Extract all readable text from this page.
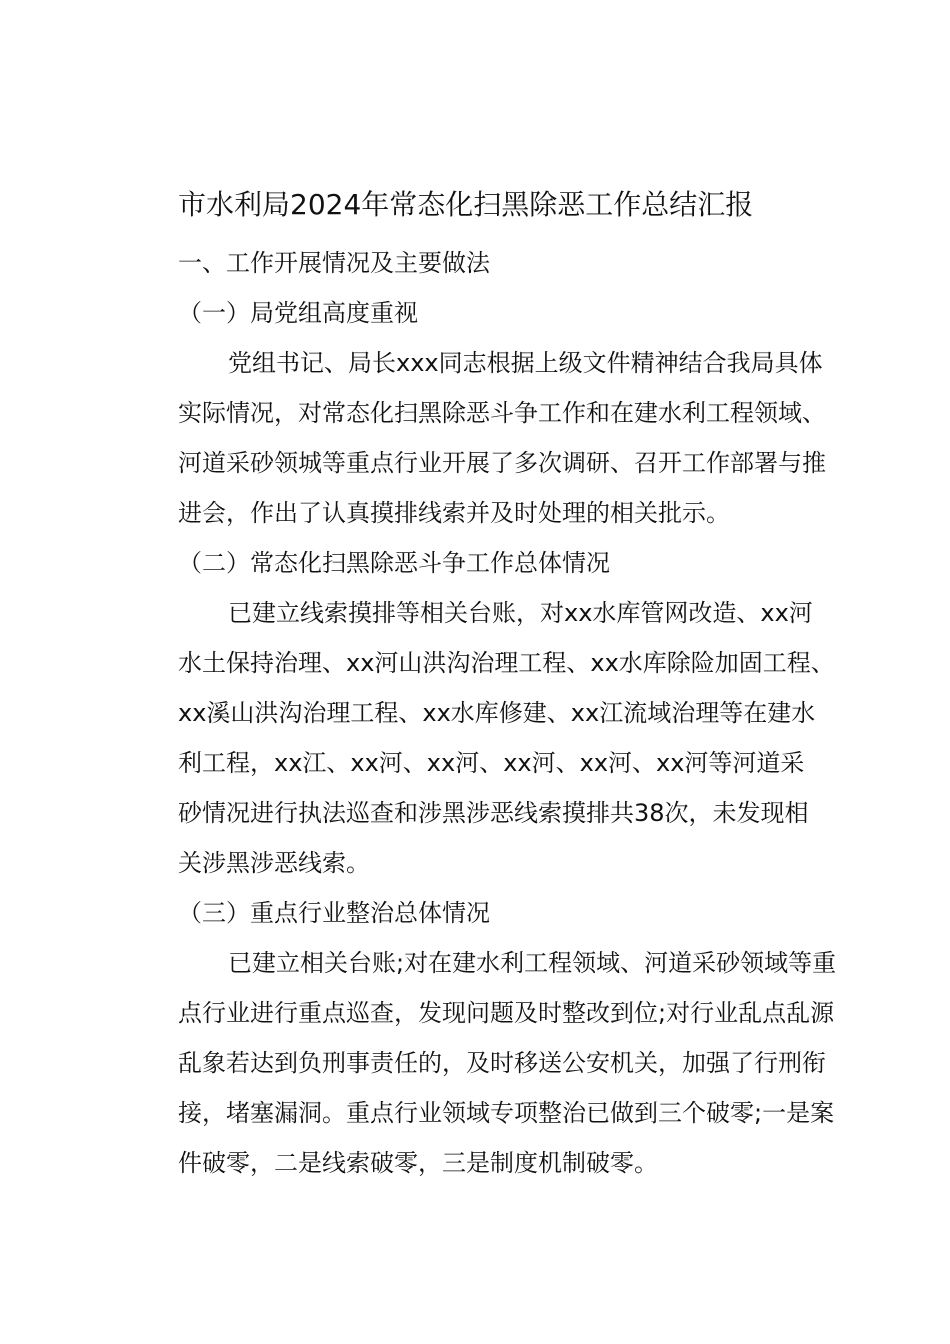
市水利局2024年常态化扫黑除恶工作总结汇报
一、工作开展情况及主要做法
（一）局党组高度重视
党组书记、局长xxx同志根据上级文件精神结合我局具体
实际情况，对常态化扫黑除恶斗争工作和在建水利工程领域、
河道采砂领城等重点行业开展了多次调研、召开工作部署与推
进会，作出了认真摸排线索并及时处理的相关批示。
（二）常态化扫黑除恶斗争工作总体情况
已建立线索摸排等相关台账，对xx水库管网改造、xx河
水土保持治理、xx河山洪沟治理工程、xx水库除险加固工程、
xx溪山洪沟治理工程、xx水库修建、xx江流域治理等在建水
利工程，xx江、xx河、xx河、xx河、xx河、xx河等河道采
砂情况进行执法巡查和涉黑涉恶线索摸排共38次，未发现相
关涉黑涉恶线索。
（三）重点行业整治总体情况
已建立相关台账;对在建水利工程领域、河道采砂领域等重
点行业进行重点巡查，发现问题及时整改到位;对行业乱点乱源
乱象若达到负刑事责任的，及时移送公安机关，加强了行刑衔
接，堵塞漏洞。重点行业领域专项整治已做到三个破零;一是案
件破零，二是线索破零，三是制度机制破零。
